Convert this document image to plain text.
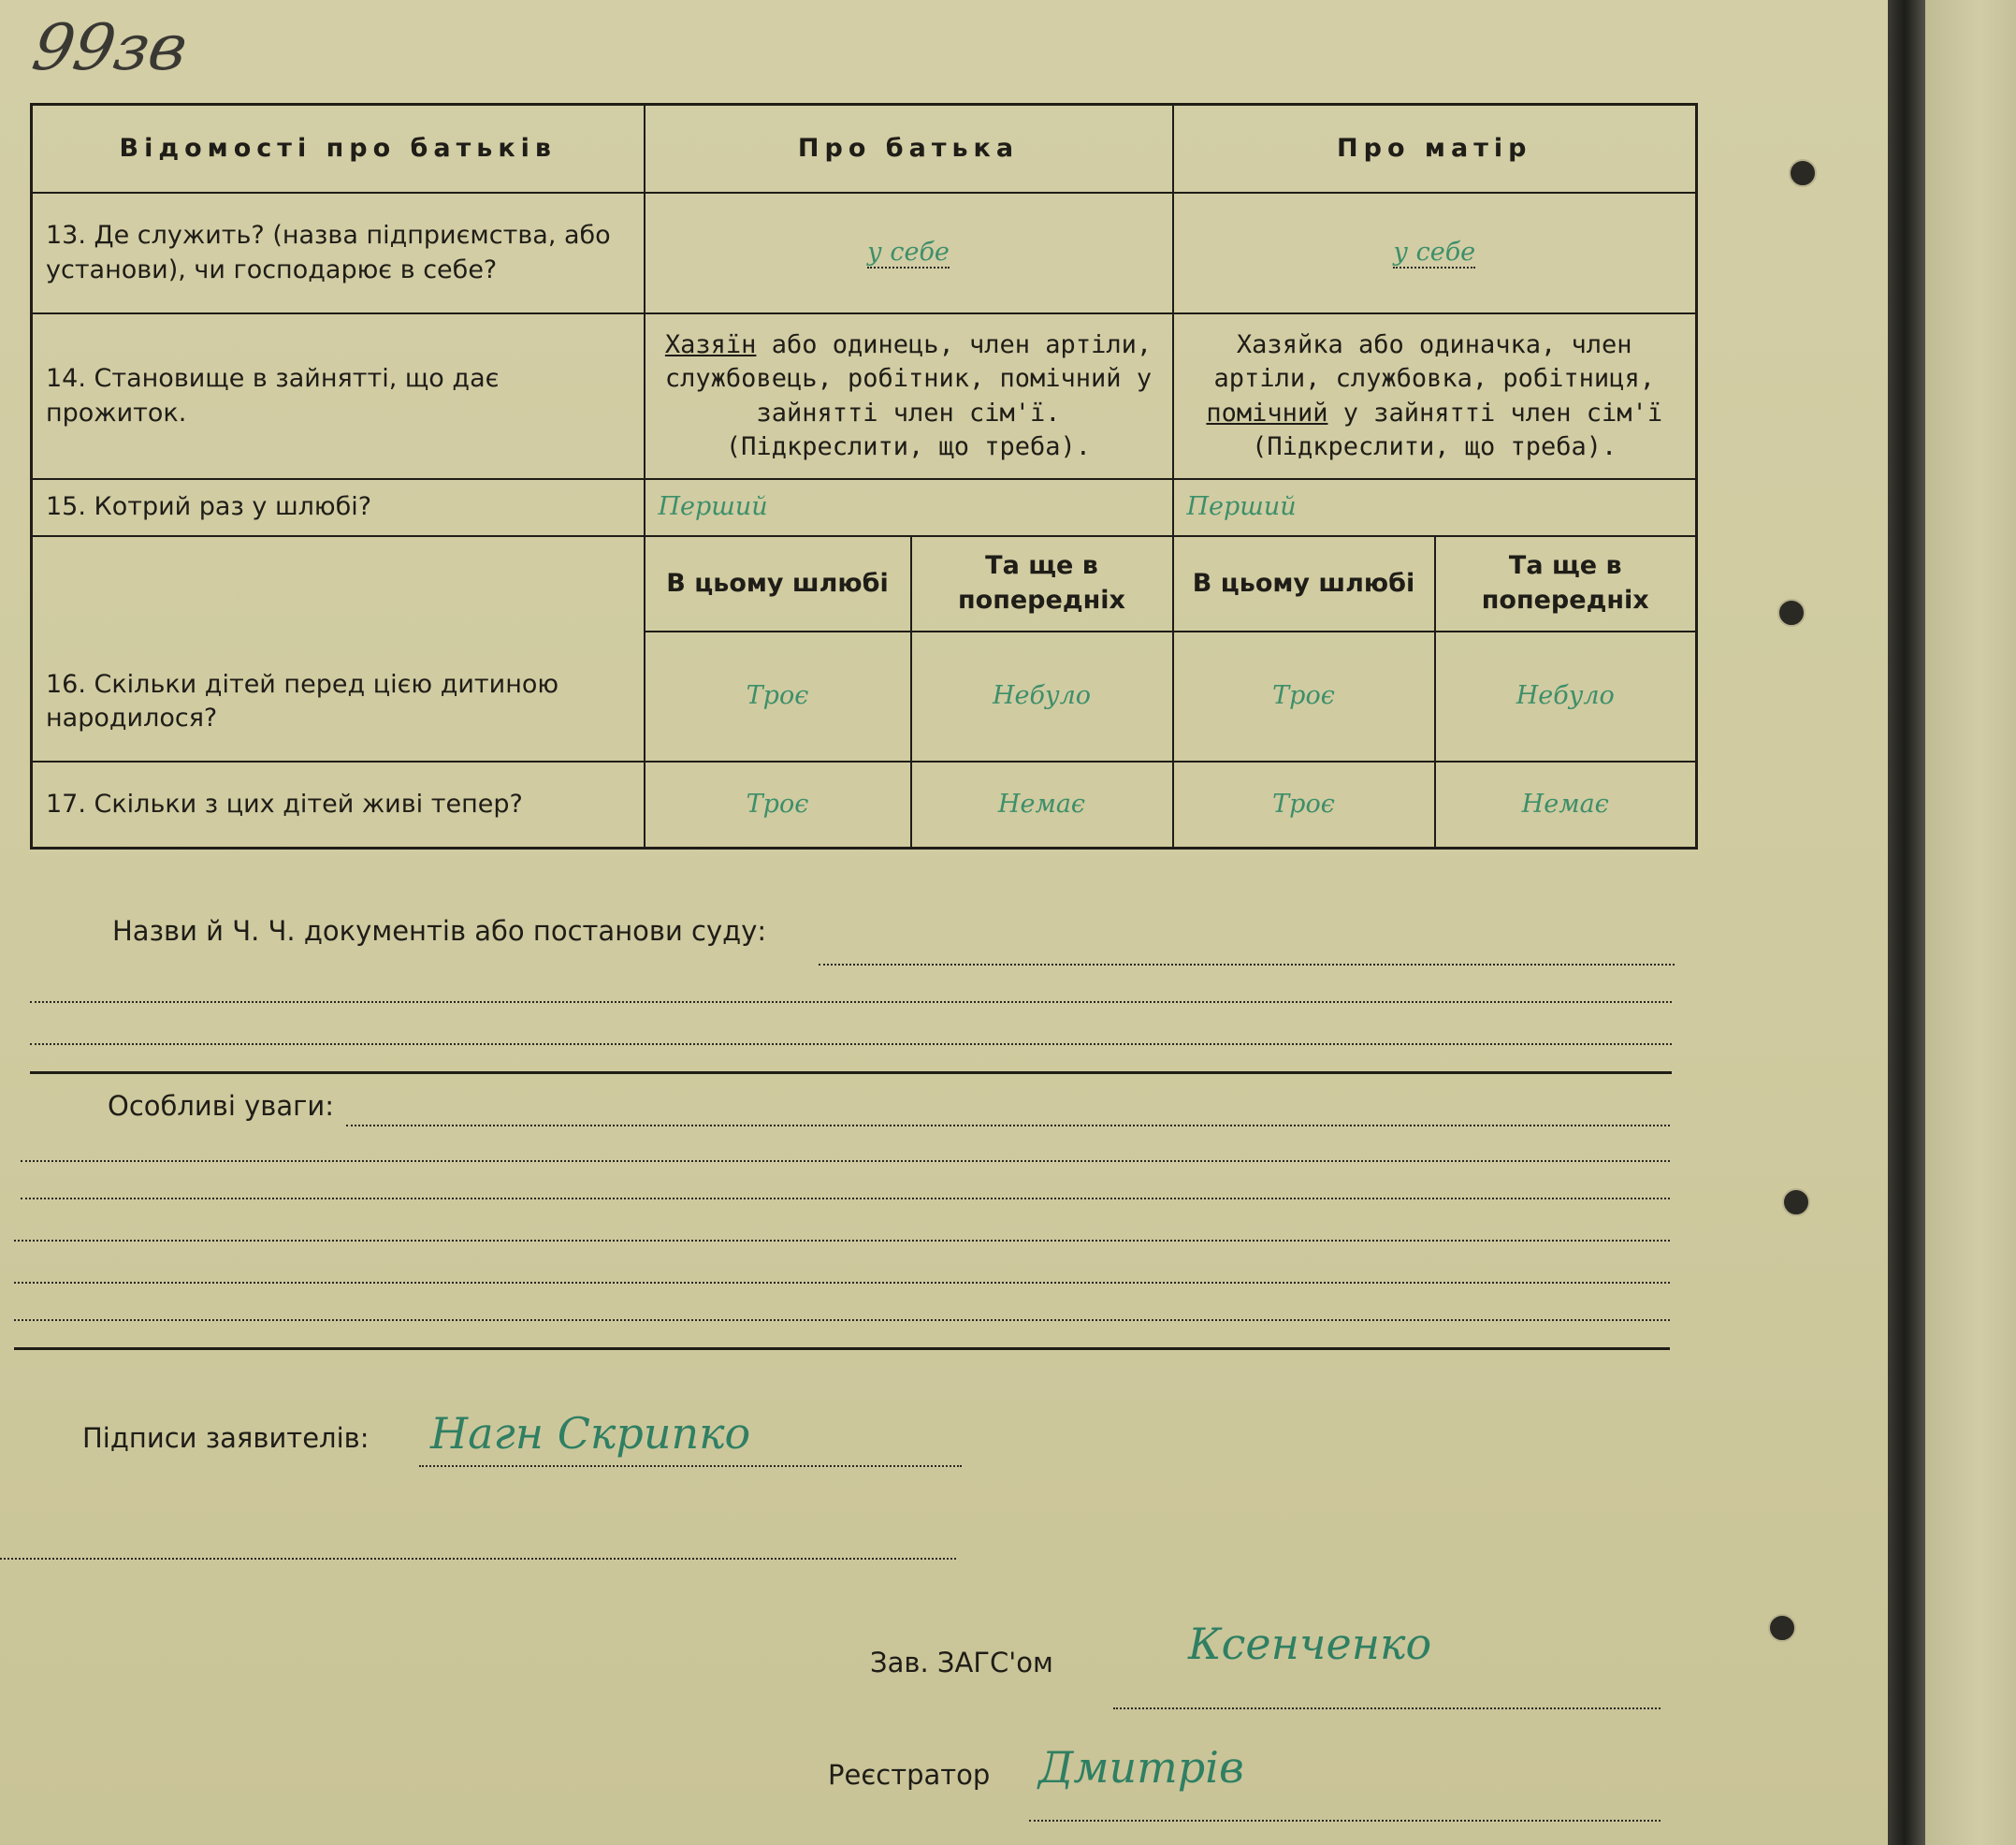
99зв
Відомості про батьків	Про батька		Про матір	
13. Де служить? (назва підприємства, або установи), чи господарює в себе?	у себе		у себе	
14. Становище в зайнятті, що дає прожиток.	Хазяїн або одинець, член артіли, службовець, робітник, помічний у зайнятті член сім'ї. (Підкреслити, що треба).		Хазяйка або одиначка, член артіли, службовка, робітниця, помічний у зайнятті член сім'ї (Підкреслити, що треба).	
15. Котрий раз у шлюбі?	Перший		Перший	
16. Скільки дітей перед цією дитиною народилося?	В цьому шлюбі	Та ще в попередніх	В цьому шлюбі	Та ще в попередніх
	Троє	Небуло	Троє	Небуло
17. Скільки з цих дітей живі тепер?	Троє	Немає	Троє	Немає
Назви й Ч. Ч. документів або постанови суду:
Особливі уваги:
Підписи заявителів: Нагн Скрипко
Зав. ЗАГС'ом	Ксенченко
Реєстратор Дмитрів
